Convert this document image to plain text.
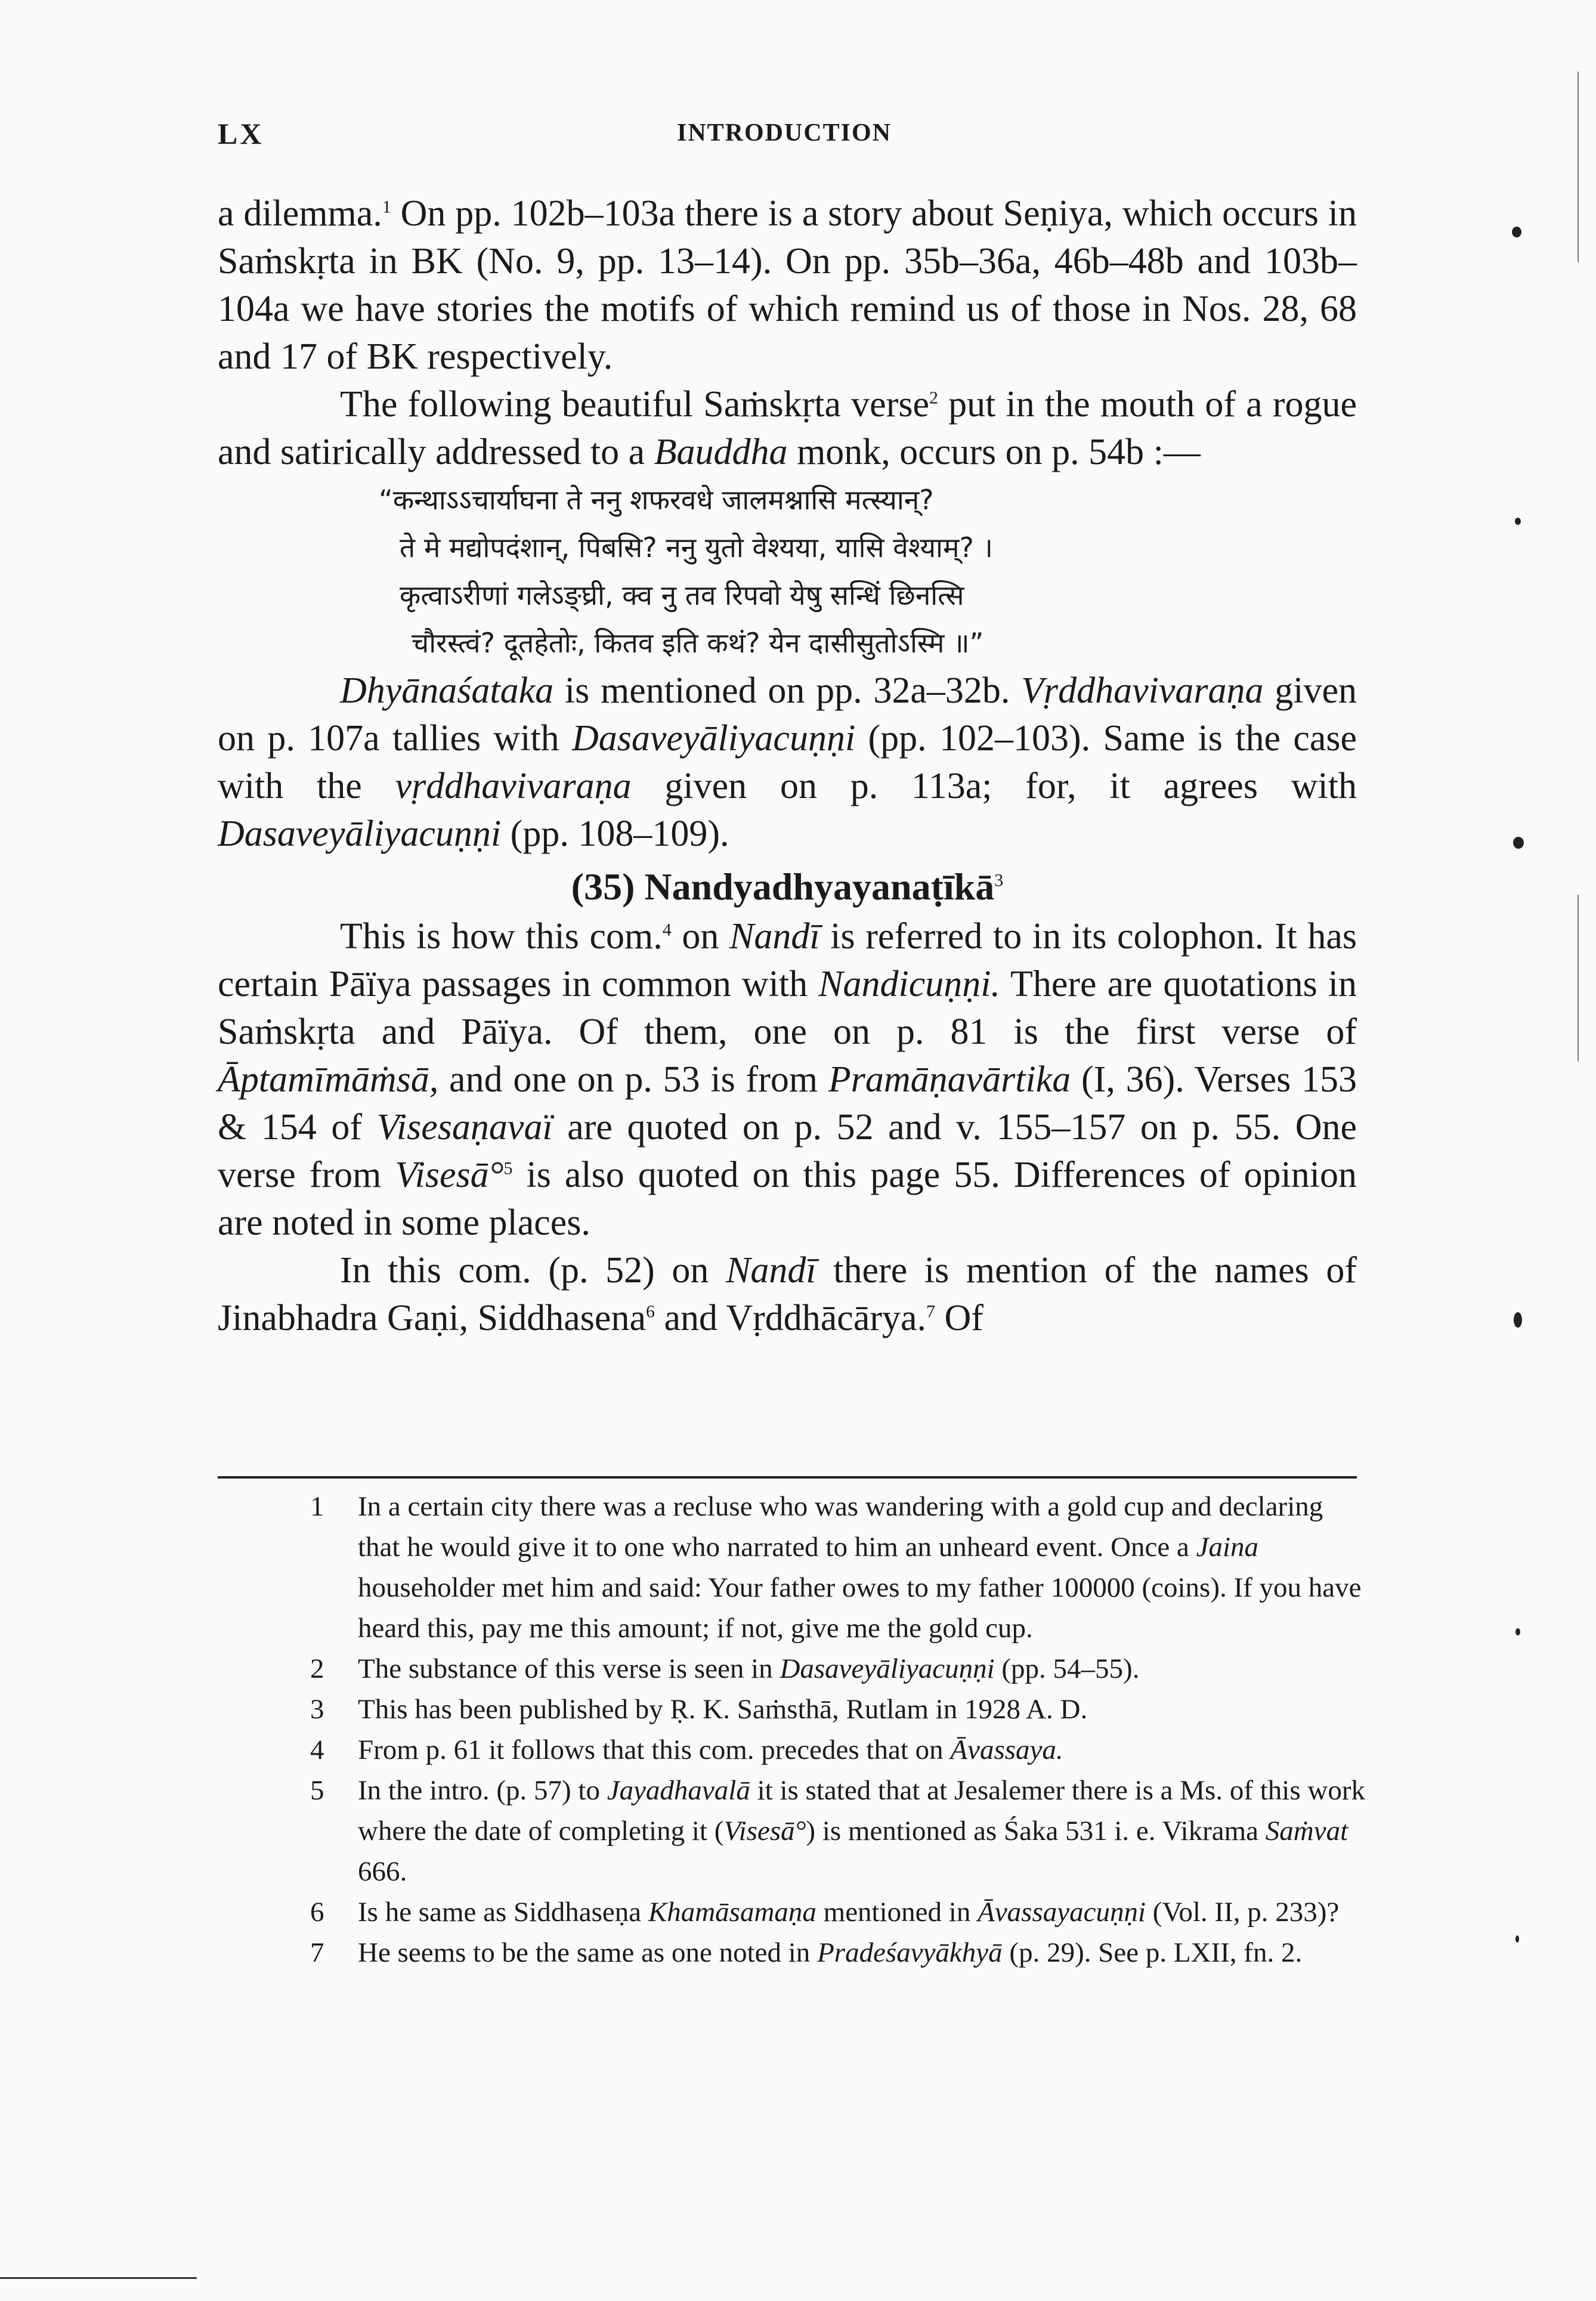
LX	INTRODUCTION

a dilemma.$^1$ On pp. 102b–103a there is a story about Seṇiya, which occurs in Saṁskṛta in BK (No. 9, pp. 13–14). On pp. 35b–36a, 46b–48b and 103b–104a we have stories the motifs of which remind us of those in Nos. 28, 68 and 17 of BK respectively.

The following beautiful Saṁskṛta verse$^2$ put in the mouth of a rogue and satirically addressed to a Bauddha monk, occurs on p. 54b :—

“कन्थाऽऽचार्याघना ते ननु शफरवधे जालमश्नासि मत्स्यान्?
ते मे मद्योपदंशान्, पिबसि? ननु युतो वेश्यया, यासि वेश्याम्? ।
कृत्वाऽरीणां गलेऽङ्घ्री, क्व नु तव रिपवो येषु सन्धिं छिनत्सि
चौरस्त्वं? दूतहेतोः, कितव इति कथं? येन दासीसुतोऽस्मि ॥”

Dhyānaśataka is mentioned on pp. 32a–32b. Vṛddhavivaraṇa given on p. 107a tallies with Dasaveyāliyacuṇṇi (pp. 102–103). Same is the case with the vṛddhavivaraṇa given on p. 113a; for, it agrees with Dasaveyāliyacuṇṇi (pp. 108–109).

(35) Nandyadhyayanaṭīkā$^3$

This is how this com.$^4$ on Nandī is referred to in its colophon. It has certain Pāïya passages in common with Nandicuṇṇi. There are quotations in Saṁskṛta and Pāïya. Of them, one on p. 81 is the first verse of Āptamīmāṁsā, and one on p. 53 is from Pramāṇavārtika (I, 36). Verses 153 & 154 of Visesaṇavaï are quoted on p. 52 and v. 155–157 on p. 55. One verse from Visesā°$^5$ is also quoted on this page 55. Differences of opinion are noted in some places.

In this com. (p. 52) on Nandī there is mention of the names of Jinabhadra Gaṇi, Siddhasena$^6$ and Vṛddhācārya.$^7$ Of

1 In a certain city there was a recluse who was wandering with a gold cup and declaring that he would give it to one who narrated to him an unheard event. Once a Jaina householder met him and said: Your father owes to my father 100000 (coins). If you have heard this, pay me this amount; if not, give me the gold cup.
2 The substance of this verse is seen in Dasaveyāliyacuṇṇi (pp. 54–55).
3 This has been published by Ṛ. K. Saṁsthā, Rutlam in 1928 A. D.
4 From p. 61 it follows that this com. precedes that on Āvassaya.
5 In the intro. (p. 57) to Jayadhavalā it is stated that at Jesalemer there is a Ms. of this work where the date of completing it (Visesā°) is mentioned as Śaka 531 i. e. Vikrama Saṁvat 666.
6 Is he same as Siddhaseṇa Khamāsamaṇa mentioned in Āvassayacuṇṇi (Vol. II, p. 233)?
7 He seems to be the same as one noted in Pradeśavyākhyā (p. 29). See p. LXII, fn. 2.
